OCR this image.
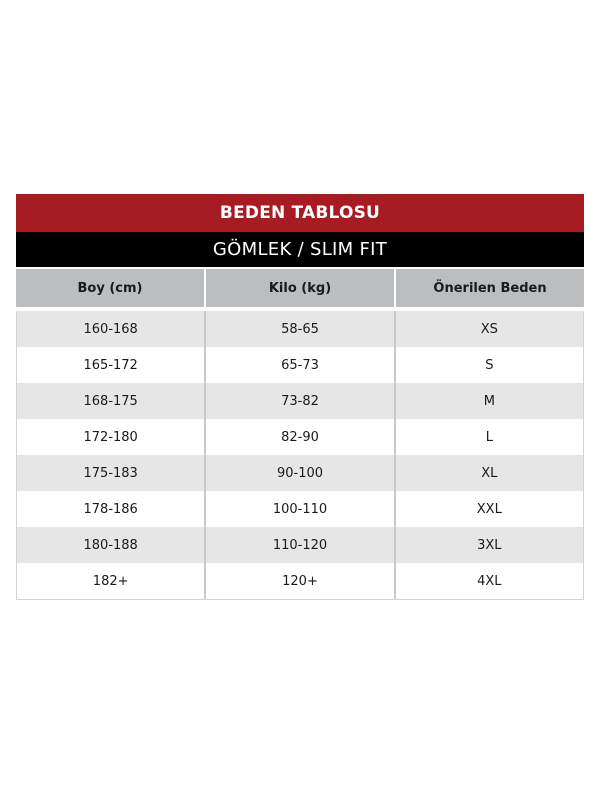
BEDEN TABLOSU
GÖMLEK / SLIM FIT
Boy (cm)	Kilo (kg)	Önerilen Beden
160-168	58-65	XS
165-172	65-73	S
168-175	73-82	M
172-180	82-90	L
175-183	90-100	XL
178-186	100-110	XXL
180-188	110-120	3XL
182+	120+	4XL
